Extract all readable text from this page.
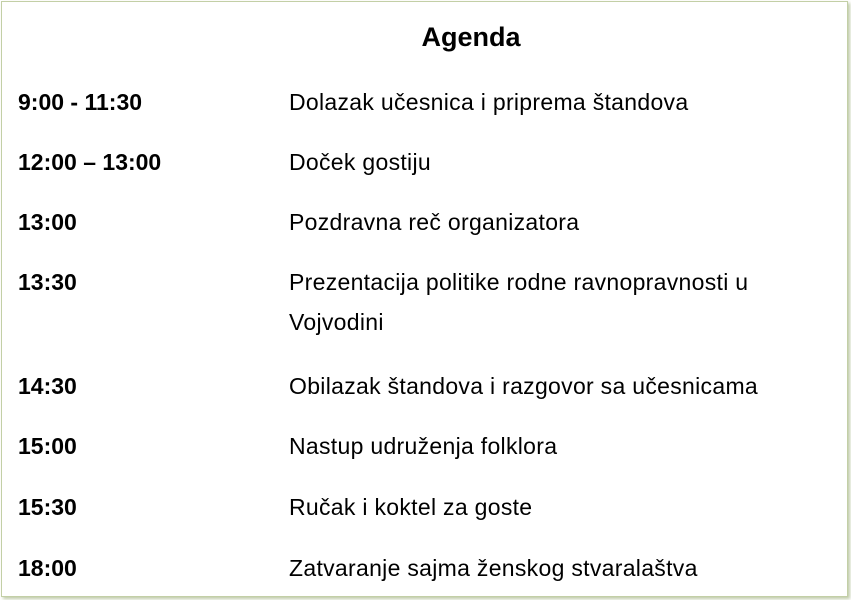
Agenda
9:00 - 11:30	Dolazak učesnica i priprema štandova
12:00 – 13:00	Doček gostiju
13:00	Pozdravna reč organizatora
13:30	Prezentacija politike rodne ravnopravnosti u Vojvodini
14:30	Obilazak štandova i razgovor sa učesnicama
15:00	Nastup udruženja folklora
15:30	Ručak i koktel za goste
18:00	Zatvaranje sajma ženskog stvaralaštva
